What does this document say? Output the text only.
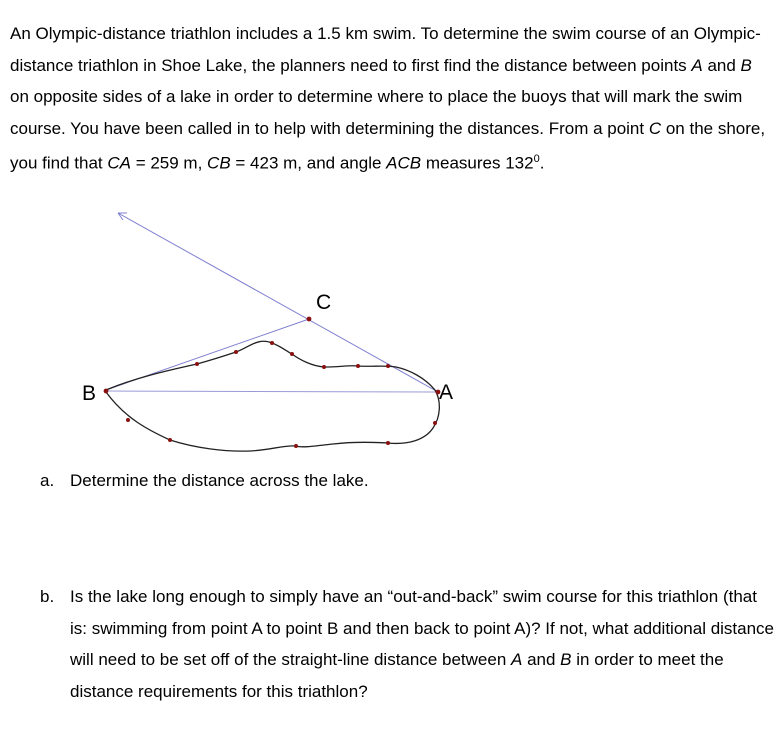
An Olympic-distance triathlon includes a 1.5 km swim. To determine the swim course of an Olympic-distance triathlon in Shoe Lake, the planners need to first find the distance between points A and B on opposite sides of a lake in order to determine where to place the buoys that will mark the swim course. You have been called in to help with determining the distances. From a point C on the shore, you find that CA = 259 m, CB = 423 m, and angle ACB measures $132^0$.

C
B	A

a. Determine the distance across the lake.

b. Is the lake long enough to simply have an “out-and-back” swim course for this triathlon (that is: swimming from point A to point B and then back to point A)? If not, what additional distance will need to be set off of the straight-line distance between A and B in order to meet the distance requirements for this triathlon?
